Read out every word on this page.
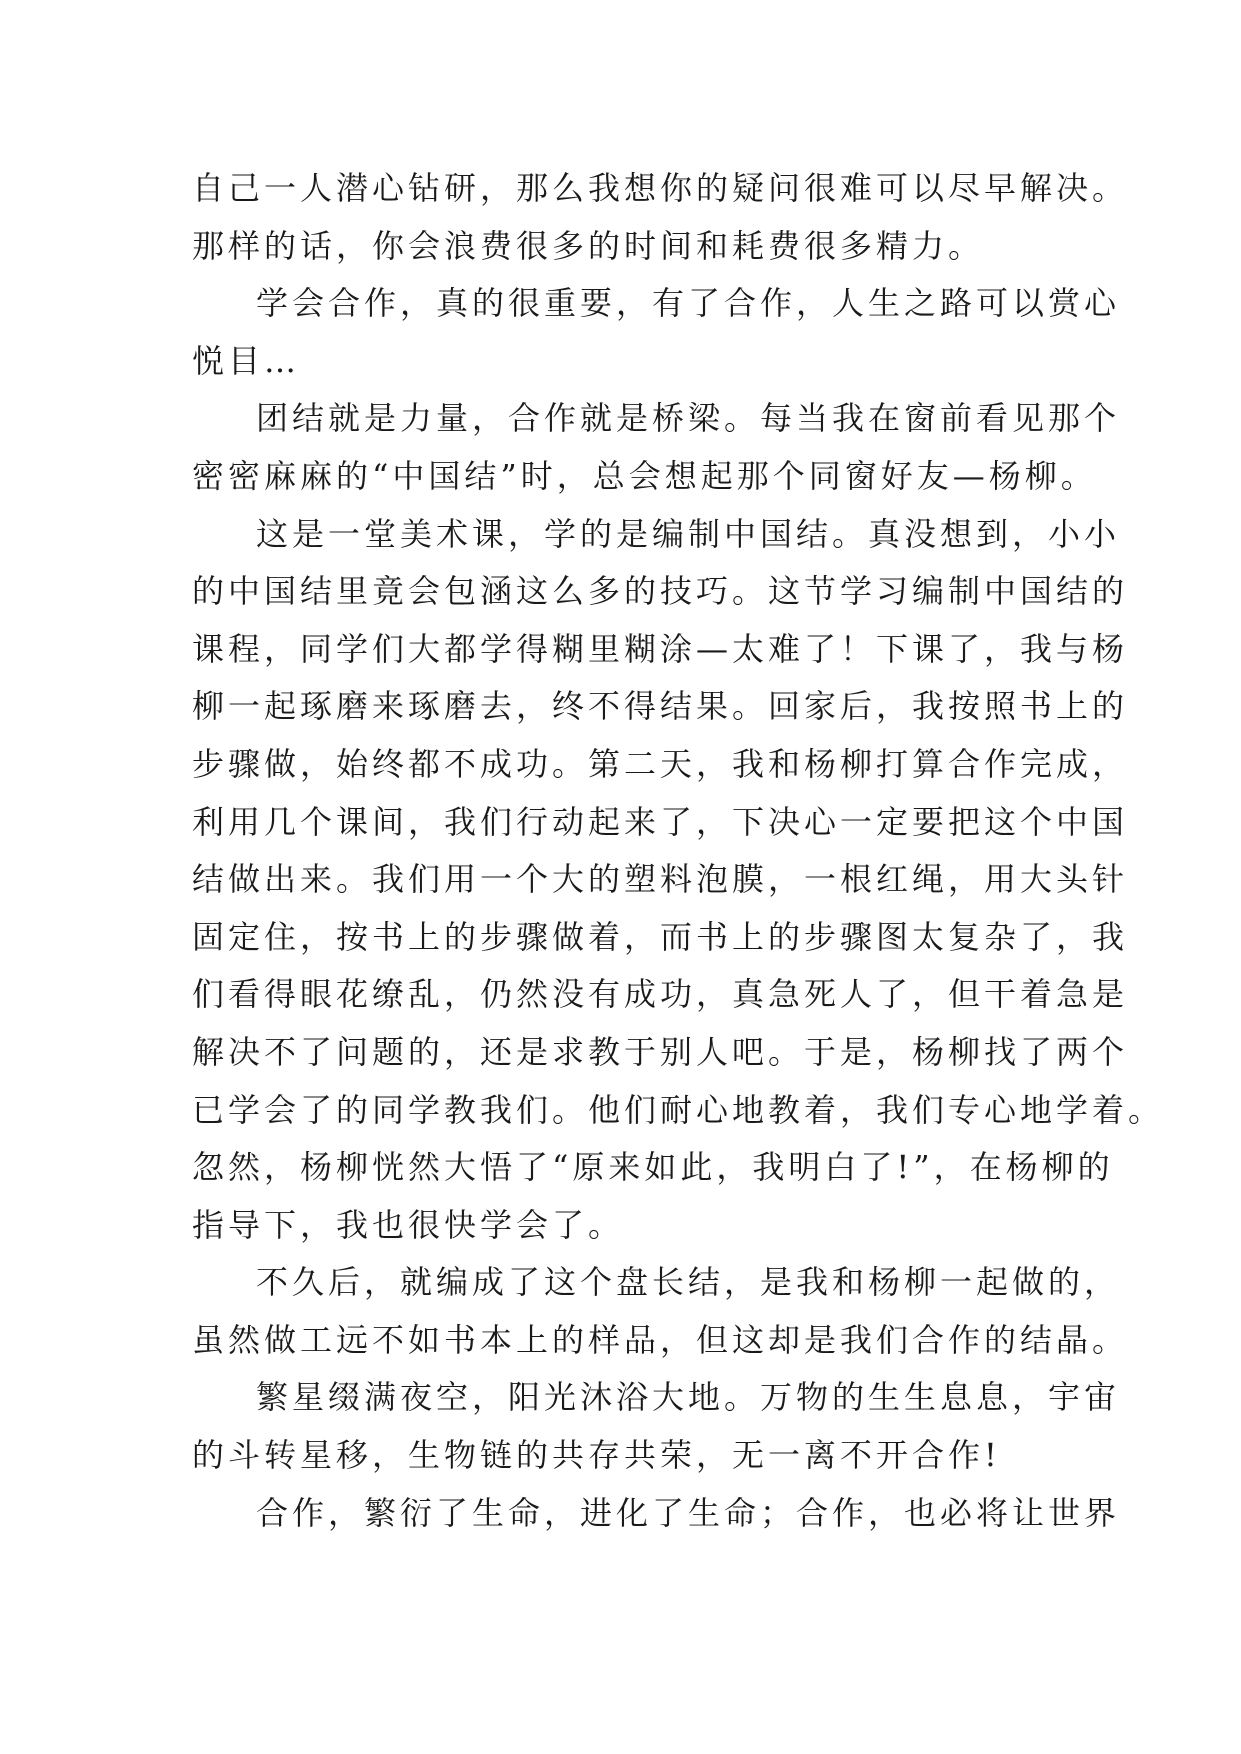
自己一人潜心钻研，那么我想你的疑问很难可以尽早解决。
那样的话，你会浪费很多的时间和耗费很多精力。
学会合作，真的很重要，有了合作，人生之路可以赏心
悦目…
团结就是力量，合作就是桥梁。每当我在窗前看见那个
密密麻麻的“中国结”时，总会想起那个同窗好友—杨柳。
这是一堂美术课，学的是编制中国结。真没想到，小小
的中国结里竟会包涵这么多的技巧。这节学习编制中国结的
课程，同学们大都学得糊里糊涂—太难了！下课了，我与杨
柳一起琢磨来琢磨去，终不得结果。回家后，我按照书上的
步骤做，始终都不成功。第二天，我和杨柳打算合作完成，
利用几个课间，我们行动起来了，下决心一定要把这个中国
结做出来。我们用一个大的塑料泡膜，一根红绳，用大头针
固定住，按书上的步骤做着，而书上的步骤图太复杂了，我
们看得眼花缭乱，仍然没有成功，真急死人了，但干着急是
解决不了问题的，还是求教于别人吧。于是，杨柳找了两个
已学会了的同学教我们。他们耐心地教着，我们专心地学着。
忽然，杨柳恍然大悟了“原来如此，我明白了!”，在杨柳的
指导下，我也很快学会了。
不久后，就编成了这个盘长结，是我和杨柳一起做的，
虽然做工远不如书本上的样品，但这却是我们合作的结晶。
繁星缀满夜空，阳光沐浴大地。万物的生生息息，宇宙
的斗转星移，生物链的共存共荣，无一离不开合作!
合作，繁衍了生命，进化了生命；合作，也必将让世界
